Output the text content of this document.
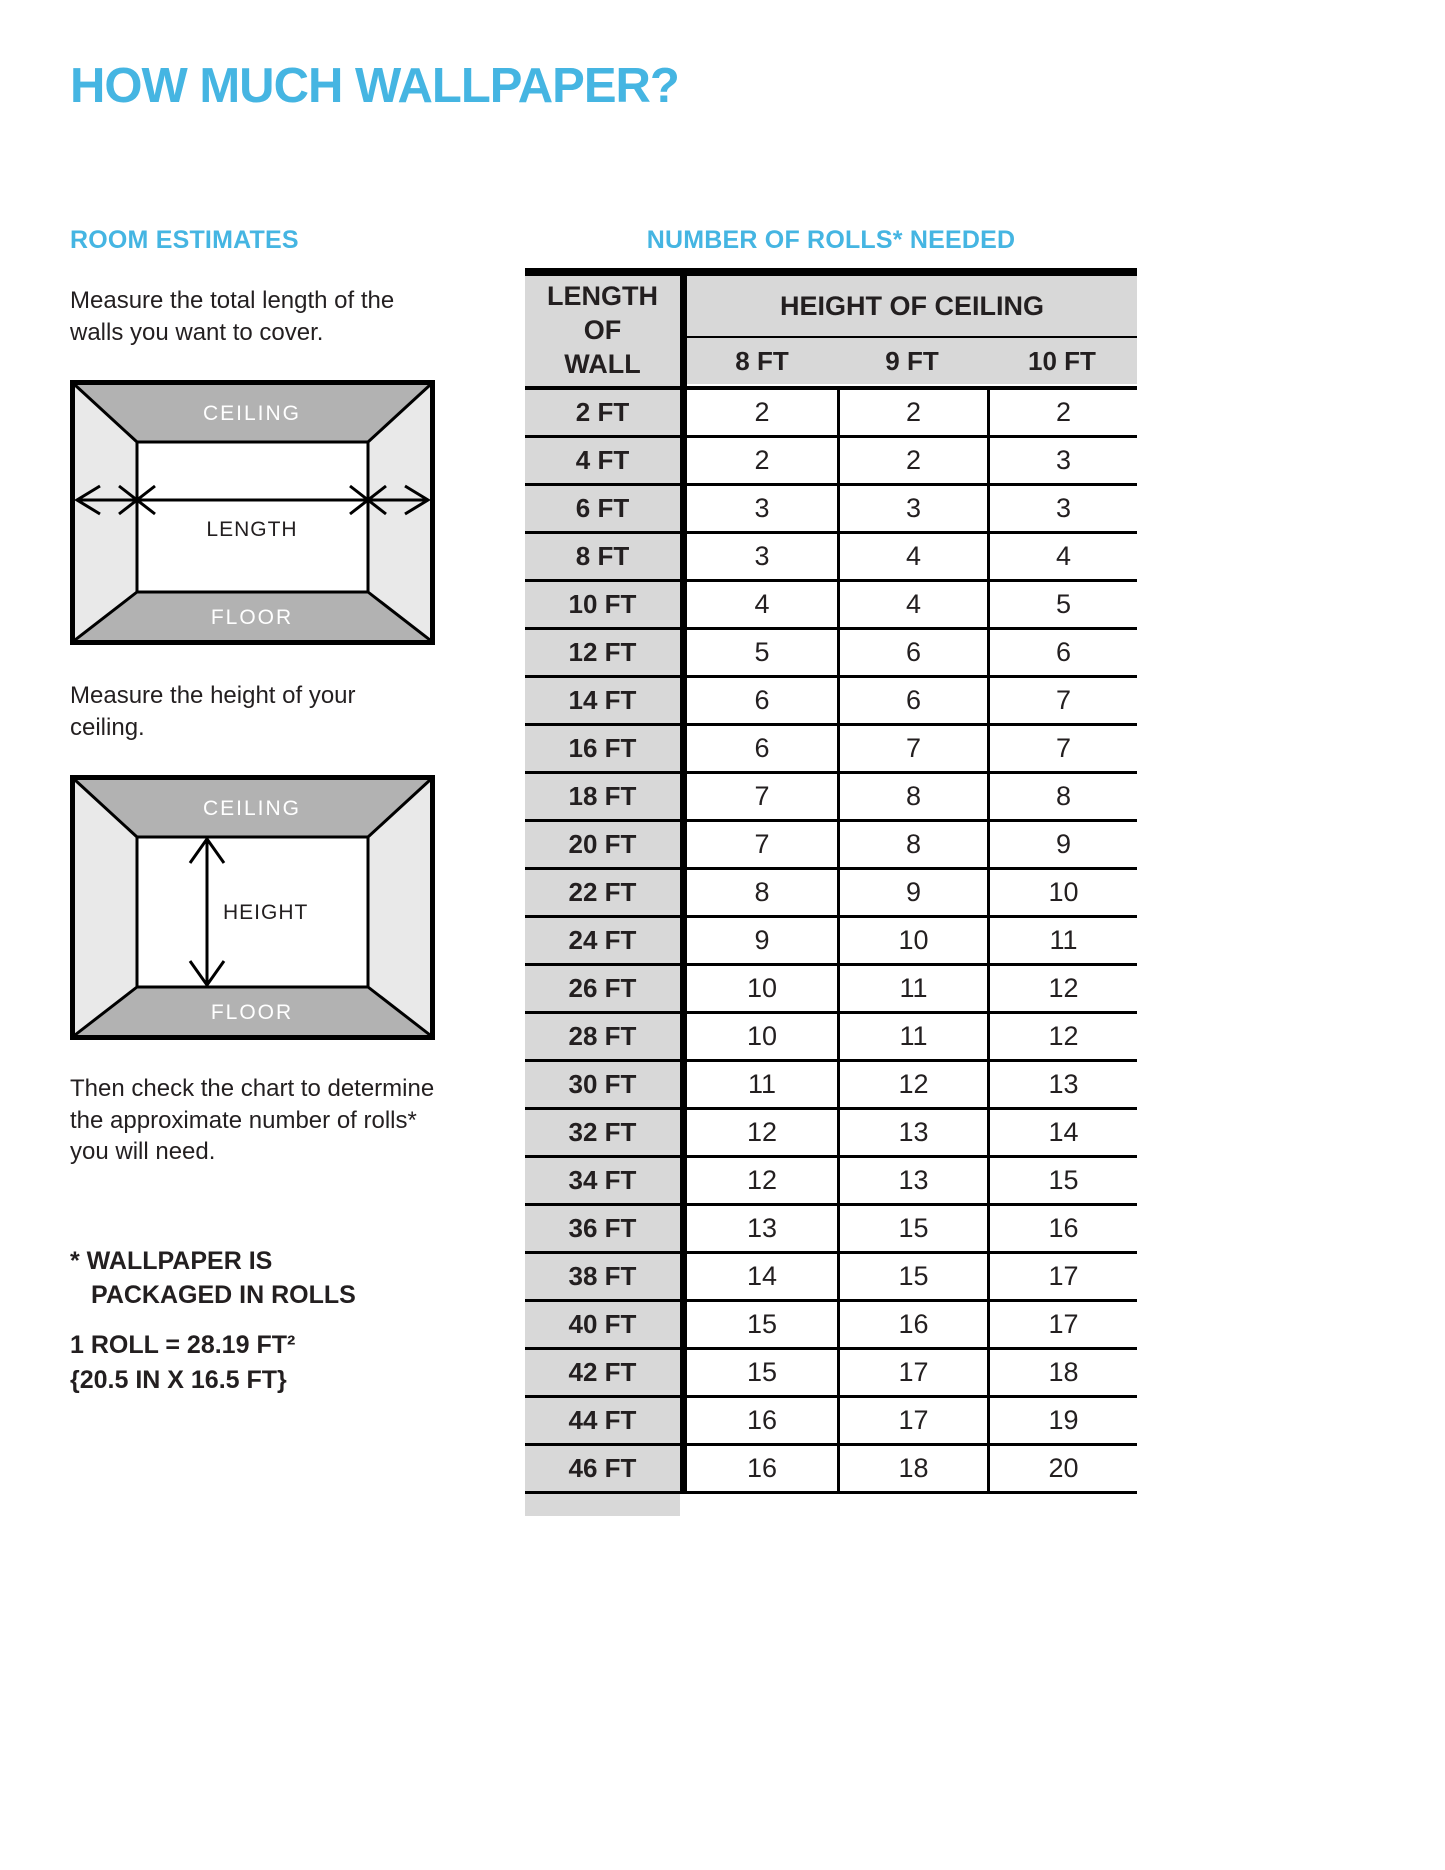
HOW MUCH WALLPAPER?
ROOM ESTIMATES	NUMBER OF ROLLS* NEEDED

Measure the total length of the walls you want to cover.

CEILING
FLOOR
LENGTH

Measure the height of your ceiling.

CEILING
FLOOR
HEIGHT

Then check the chart to determine the approximate number of rolls* you will need.

* WALLPAPER IS
PACKAGED IN ROLLS
1 ROLL = 28.19 FT²
{20.5 IN X 16.5 FT}
LENGTH OF WALL
HEIGHT OF CEILING
8 FT	9 FT	10 FT
2 FT	2	2	2
4 FT	2	2	3
6 FT	3	3	3
8 FT	3	4	4
10 FT	4	4	5
12 FT	5	6	6
14 FT	6	6	7
16 FT	6	7	7
18 FT	7	8	8
20 FT	7	8	9
22 FT	8	9	10
24 FT	9	10	11
26 FT	10	11	12
28 FT	10	11	12
30 FT	11	12	13
32 FT	12	13	14
34 FT	12	13	15
36 FT	13	15	16
38 FT	14	15	17
40 FT	15	16	17
42 FT	15	17	18
44 FT	16	17	19
46 FT	16	18	20
